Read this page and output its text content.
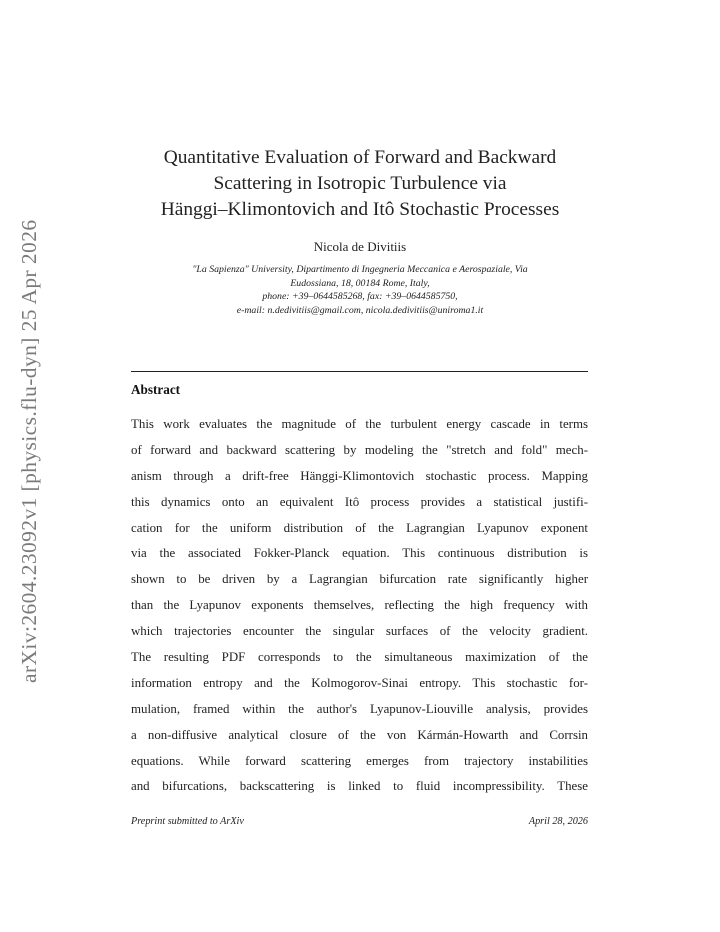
arXiv:2604.23092v1 [physics.flu-dyn] 25 Apr 2026
Quantitative Evaluation of Forward and Backward
Scattering in Isotropic Turbulence via
Hänggi–Klimontovich and Itô Stochastic Processes
Nicola de Divitiis
"La Sapienza" University, Dipartimento di Ingegneria Meccanica e Aerospaziale, Via
Eudossiana, 18, 00184 Rome, Italy,
phone: +39–0644585268, fax: +39–0644585750,
e-mail: n.dedivitiis@gmail.com, nicola.dedivitiis@uniroma1.it
Abstract
This work evaluates the magnitude of the turbulent energy cascade in terms
of forward and backward scattering by modeling the "stretch and fold" mech-
anism through a drift-free Hänggi-Klimontovich stochastic process. Mapping
this dynamics onto an equivalent Itô process provides a statistical justifi-
cation for the uniform distribution of the Lagrangian Lyapunov exponent
via the associated Fokker-Planck equation. This continuous distribution is
shown to be driven by a Lagrangian bifurcation rate significantly higher
than the Lyapunov exponents themselves, reflecting the high frequency with
which trajectories encounter the singular surfaces of the velocity gradient.
The resulting PDF corresponds to the simultaneous maximization of the
information entropy and the Kolmogorov-Sinai entropy. This stochastic for-
mulation, framed within the author's Lyapunov-Liouville analysis, provides
a non-diffusive analytical closure of the von Kármán-Howarth and Corrsin
equations. While forward scattering emerges from trajectory instabilities
and bifurcations, backscattering is linked to fluid incompressibility. These
Preprint submitted to ArXiv	April 28, 2026
